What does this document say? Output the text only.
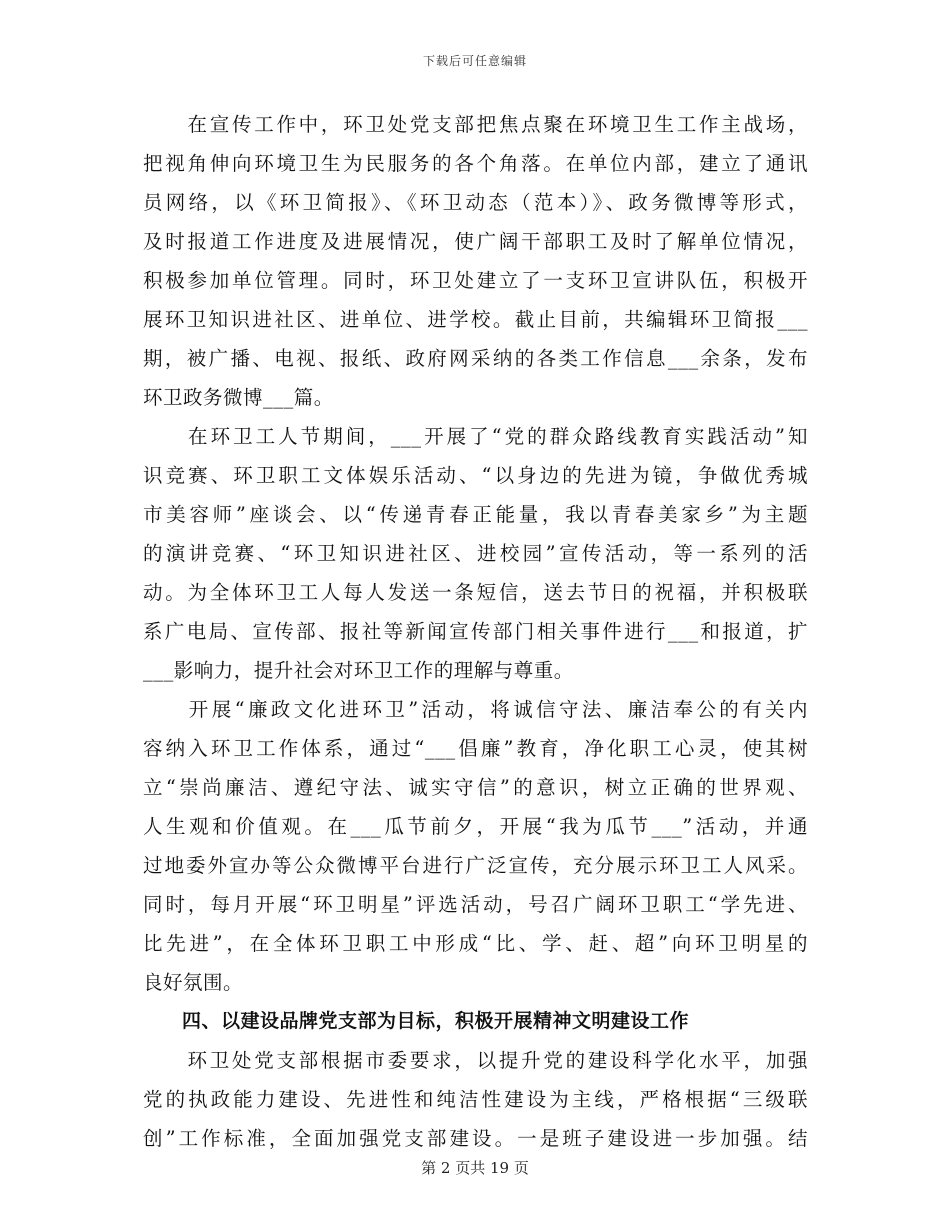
下载后可任意编辑
　　在宣传工作中，环卫处党支部把焦点聚在环境卫生工作主战场，
把视角伸向环境卫生为民服务的各个角落。在单位内部，建立了通讯
员网络，以《环卫简报》、《环卫动态（范本）》、政务微博等形式，
及时报道工作进度及进展情况，使广阔干部职工及时了解单位情况，
积极参加单位管理。同时，环卫处建立了一支环卫宣讲队伍，积极开
展环卫知识进社区、进单位、进学校。截止目前，共编辑环卫简报___
期，被广播、电视、报纸、政府网采纳的各类工作信息___余条，发布
环卫政务微博___篇。
　　在环卫工人节期间，___开展了“党的群众路线教育实践活动”知
识竞赛、环卫职工文体娱乐活动、“以身边的先进为镜，争做优秀城
市美容师”座谈会、以“传递青春正能量，我以青春美家乡”为主题
的演讲竞赛、“环卫知识进社区、进校园”宣传活动，等一系列的活
动。为全体环卫工人每人发送一条短信，送去节日的祝福，并积极联
系广电局、宣传部、报社等新闻宣传部门相关事件进行___和报道，扩
___影响力，提升社会对环卫工作的理解与尊重。
　　开展“廉政文化进环卫”活动，将诚信守法、廉洁奉公的有关内
容纳入环卫工作体系，通过“___倡廉”教育，净化职工心灵，使其树
立“崇尚廉洁、遵纪守法、诚实守信”的意识，树立正确的世界观、
人生观和价值观。在___瓜节前夕，开展“我为瓜节___”活动，并通
过地委外宣办等公众微博平台进行广泛宣传，充分展示环卫工人风采。
同时，每月开展“环卫明星”评选活动，号召广阔环卫职工“学先进、
比先进”，在全体环卫职工中形成“比、学、赶、超”向环卫明星的
良好氛围。
　　四、以建设品牌党支部为目标，积极开展精神文明建设工作
　　环卫处党支部根据市委要求，以提升党的建设科学化水平，加强
党的执政能力建设、先进性和纯洁性建设为主线，严格根据“三级联
创”工作标准，全面加强党支部建设。一是班子建设进一步加强。结
第 2 页共 19 页
